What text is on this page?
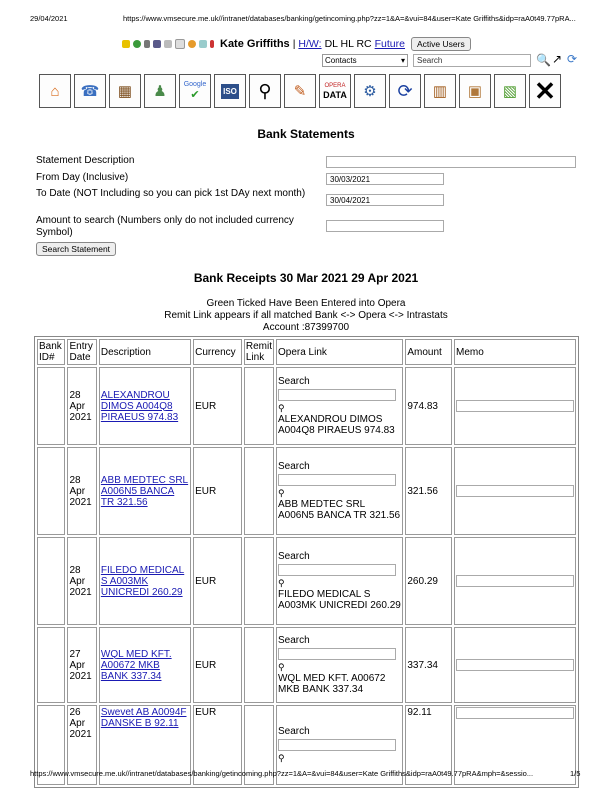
29/04/2021	https://www.vmsecure.me.uk//intranet/databases/banking/getincoming.php?zz=1&A=&vui=84&user=Kate Griffiths&idp=raA0t49.77pRA...
Kate Griffiths | H/W: DL HL RC Future	Active Users
Contacts	▾	Search	🔍 ↗ ⟳
⌂ ☎ ▦ ♟ Google
✔	ISO	⚲	✎	OPERA
DATA ⚙ ⟳ ▥ ▣ ▧ ✕
Bank Statements
Statement Description
From Day (Inclusive)	30/03/2021
To Date (NOT Including so you can pick 1st DAy next month)
30/04/2021
Amount to search (Numbers only do not included currency Symbol)
Search Statement
Bank Receipts 30 Mar 2021 29 Apr 2021
Green Ticked Have Been Entered into Opera
Remit Link appears if all matched Bank <-> Opera <-> Intrastats
Account :87399700
Bank ID#	Entry Date	Description	Currency	Remit Link	Opera Link	Amount	Memo
	28 Apr 2021	ALEXANDROU DIMOS A004Q8 PIRAEUS 974.83	EUR		Search
⚲
ALEXANDROU DIMOS A004Q8 PIRAEUS 974.83	974.83	

	28 Apr 2021	ABB MEDTEC SRL A006N5 BANCA TR 321.56	EUR		Search
⚲
ABB MEDTEC SRL A006N5 BANCA TR 321.56	321.56	

	28 Apr 2021	FILEDO MEDICAL S A003MK UNICREDI 260.29	EUR		Search
⚲
FILEDO MEDICAL S A003MK UNICREDI 260.29	260.29	

	27 Apr 2021	WQL MED KFT. A00672 MKB BANK 337.34	EUR		Search
⚲
WQL MED KFT. A00672 MKB BANK 337.34	337.34	

	26 Apr 2021	Swevet AB A0094F DANSKE B 92.11	EUR		Search
⚲	92.11	
https://www.vmsecure.me.uk//intranet/databases/banking/getincoming.php?zz=1&A=&vui=84&user=Kate Griffiths&idp=raA0t49.77pRA&mph=&sessio...	1/5
